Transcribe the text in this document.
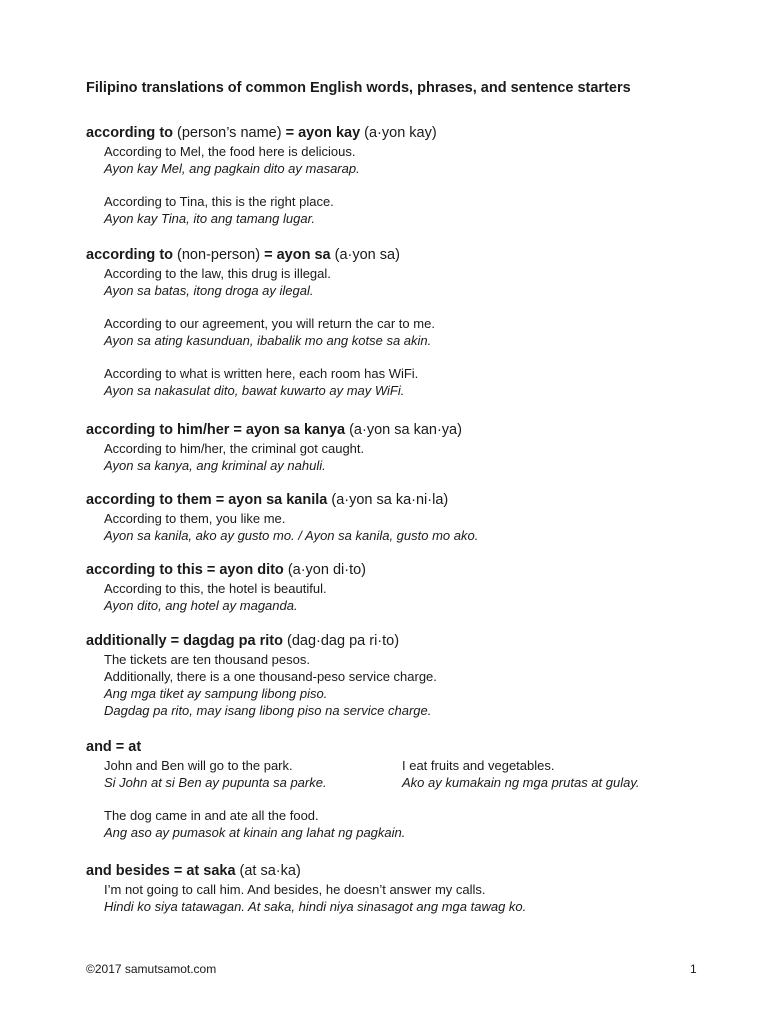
Filipino translations of common English words, phrases, and sentence starters
according to (person’s name) = ayon kay (a·yon kay)
According to Mel, the food here is delicious.
Ayon kay Mel, ang pagkain dito ay masarap.
According to Tina, this is the right place.
Ayon kay Tina, ito ang tamang lugar.
according to (non-person) = ayon sa (a·yon sa)
According to the law, this drug is illegal.
Ayon sa batas, itong droga ay ilegal.
According to our agreement, you will return the car to me.
Ayon sa ating kasunduan, ibabalik mo ang kotse sa akin.
According to what is written here, each room has WiFi.
Ayon sa nakasulat dito, bawat kuwarto ay may WiFi.
according to him/her = ayon sa kanya (a·yon sa kan·ya)
According to him/her, the criminal got caught.
Ayon sa kanya, ang kriminal ay nahuli.
according to them = ayon sa kanila (a·yon sa ka·ni·la)
According to them, you like me.
Ayon sa kanila, ako ay gusto mo. / Ayon sa kanila, gusto mo ako.
according to this = ayon dito (a·yon di·to)
According to this, the hotel is beautiful.
Ayon dito, ang hotel ay maganda.
additionally = dagdag pa rito (dag·dag pa ri·to)
The tickets are ten thousand pesos.
Additionally, there is a one thousand-peso service charge.
Ang mga tiket ay sampung libong piso.
Dagdag pa rito, may isang libong piso na service charge.
and = at
John and Ben will go to the park.
Si John at si Ben ay pupunta sa parke.
I eat fruits and vegetables.
Ako ay kumakain ng mga prutas at gulay.
The dog came in and ate all the food.
Ang aso ay pumasok at kinain ang lahat ng pagkain.
and besides = at saka (at sa·ka)
I’m not going to call him. And besides, he doesn’t answer my calls.
Hindi ko siya tatawagan. At saka, hindi niya sinasagot ang mga tawag ko.
©2017 samutsamot.com	1
